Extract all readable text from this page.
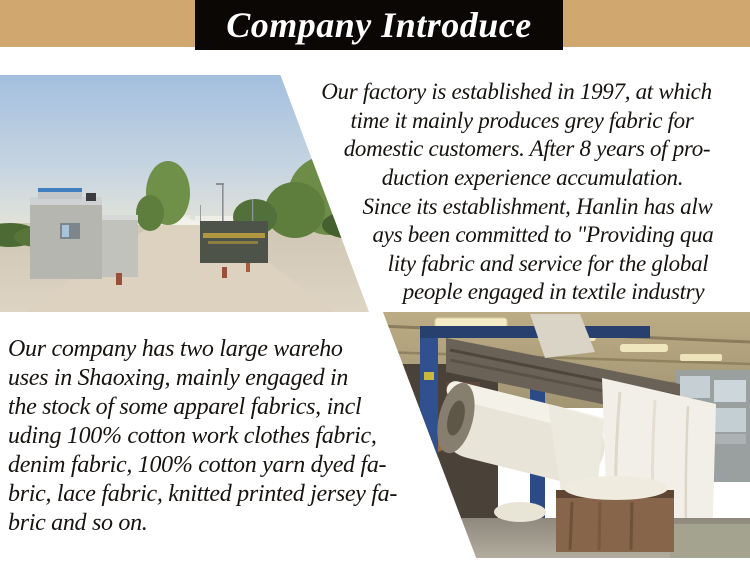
Company Introduce
Our factory is established in 1997, at which
time it mainly produces grey fabric for
domestic customers. After 8 years of pro-
duction experience accumulation.
Since its establishment, Hanlin has alw
ays been committed to "Providing qua
lity fabric and service for the global
people engaged in textile industry
Our company has two large wareho
uses in Shaoxing, mainly engaged in
the stock of some apparel fabrics, incl
uding 100% cotton work clothes fabric,
denim fabric, 100% cotton yarn dyed fa-
bric, lace fabric, knitted printed jersey fa-
bric and so on.
